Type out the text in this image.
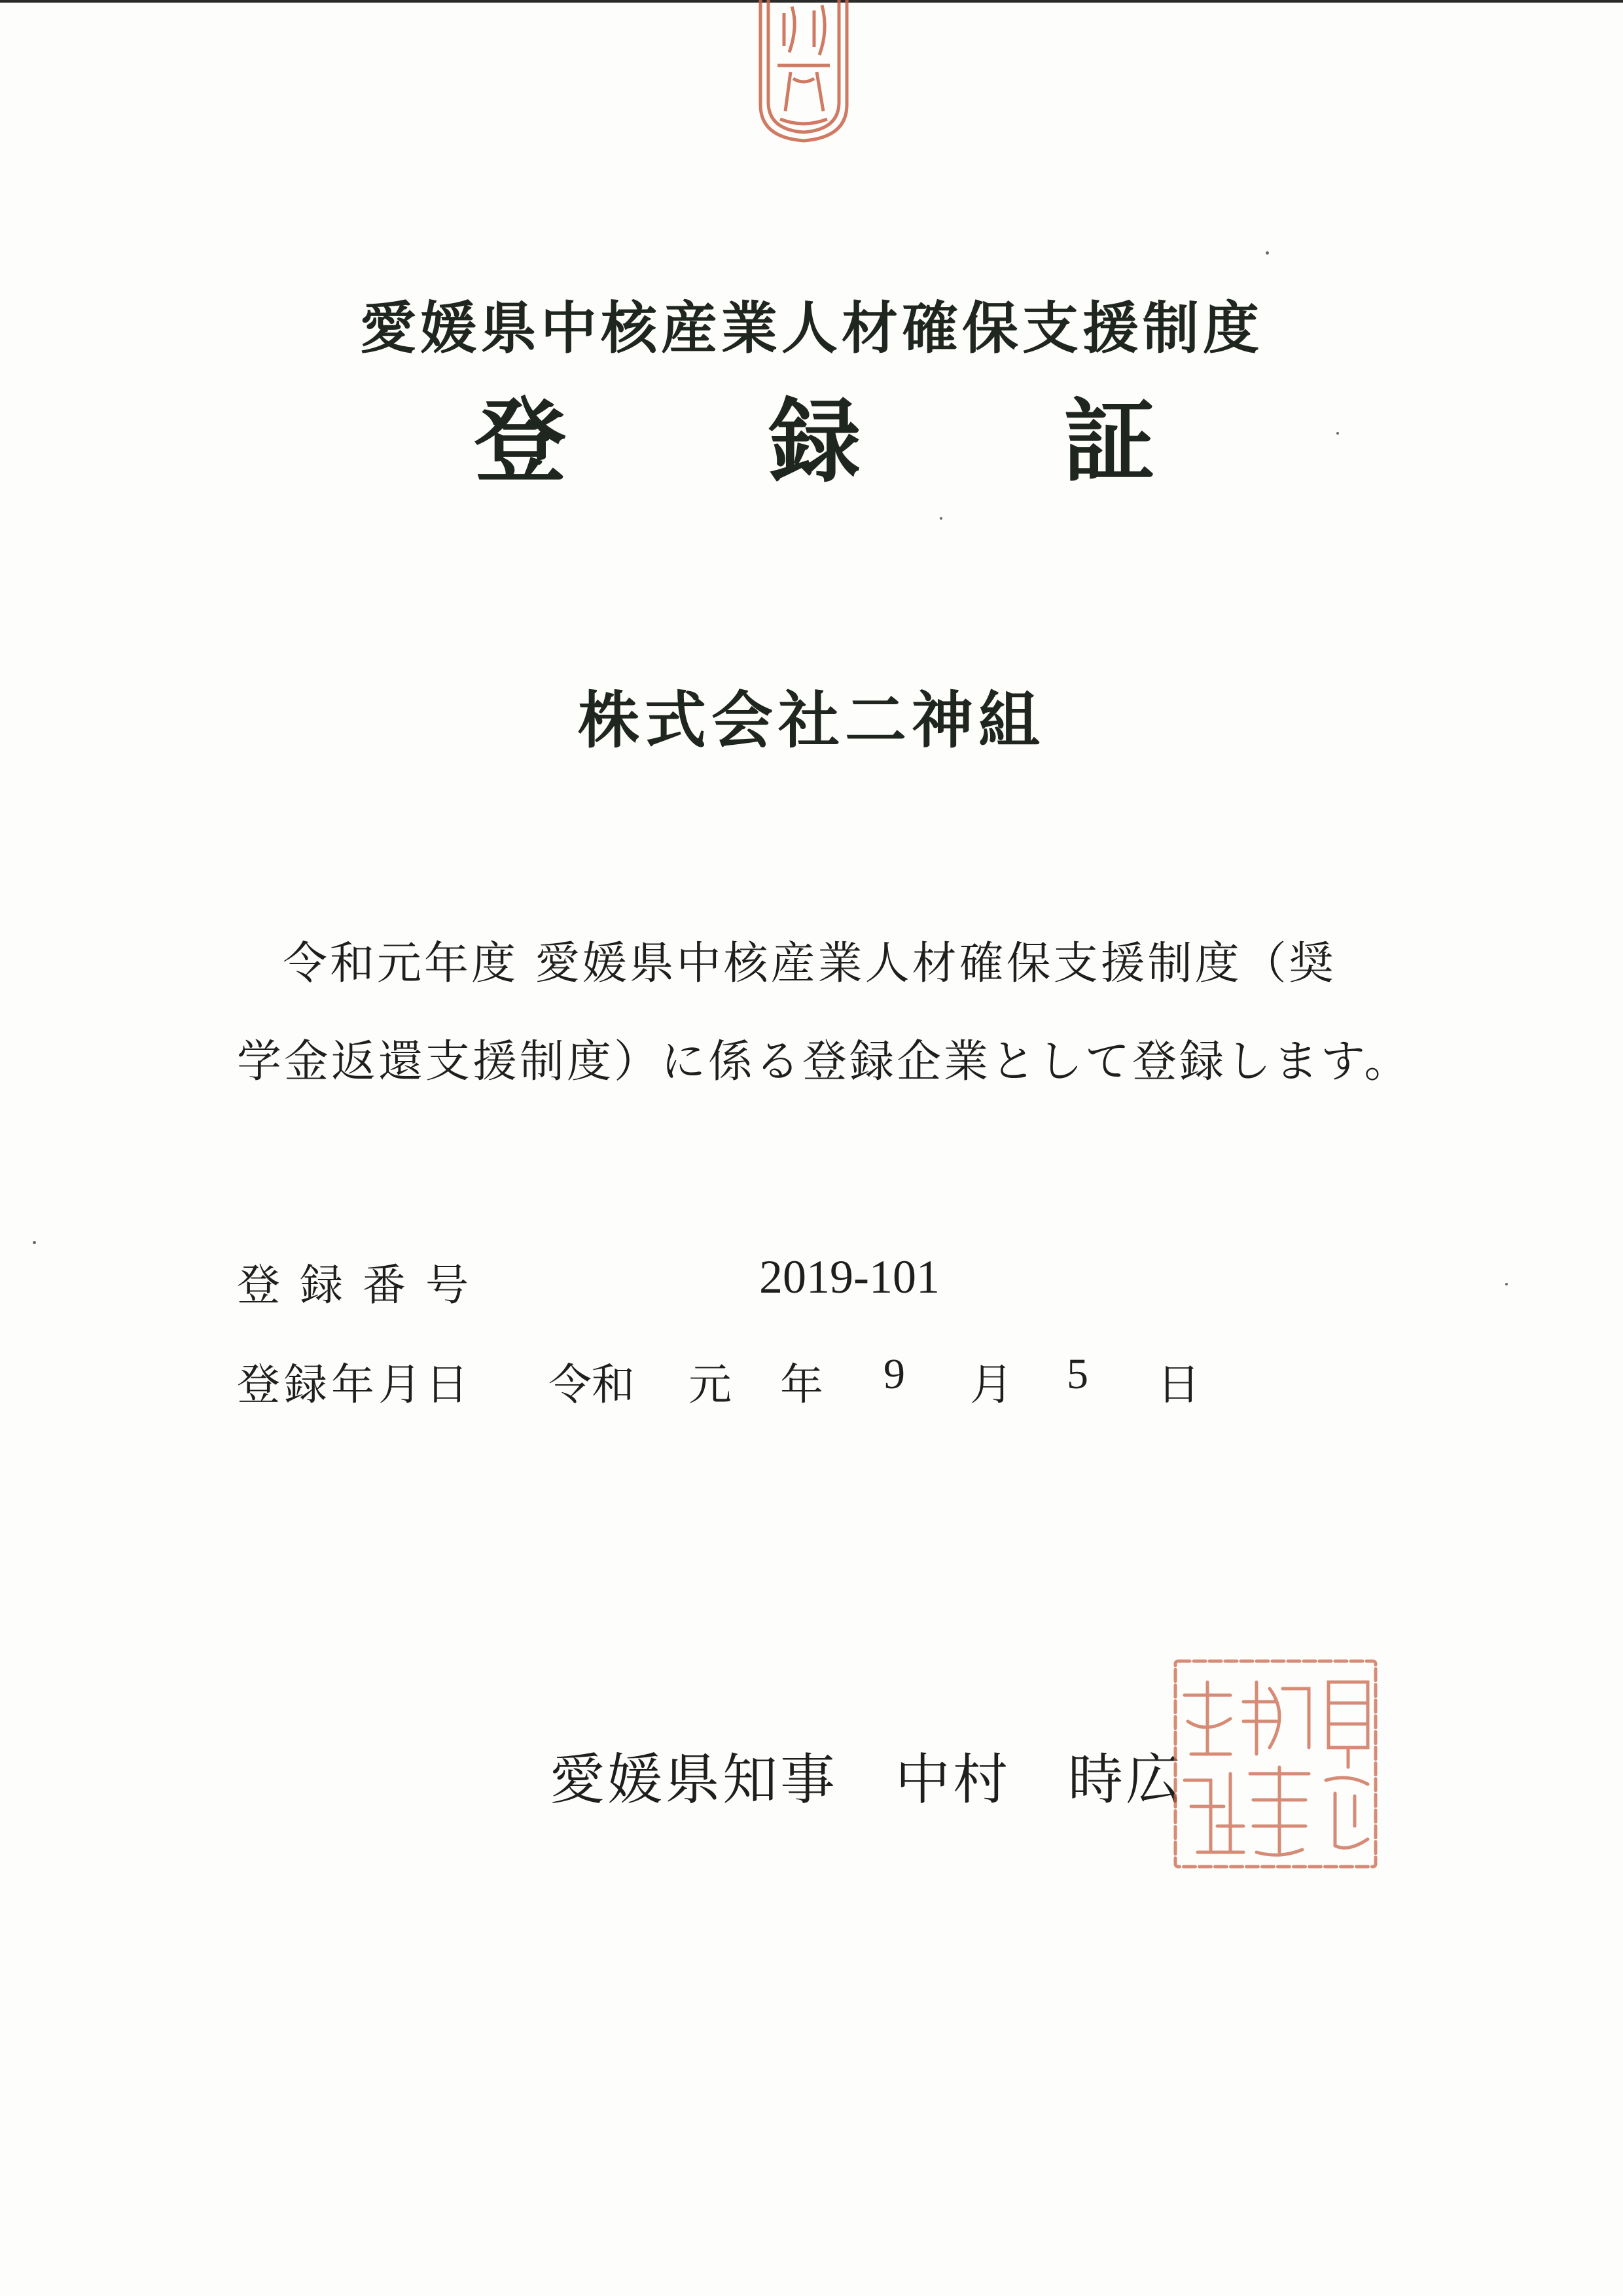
愛媛県中核産業人材確保支援制度
登 録 証
株式会社二神組
令和元年度 愛媛県中核産業人材確保支援制度（奨
学金返還支援制度）に係る登録企業として登録します。
登録番号	2019-101
登録年月日 令和 元 年 9 月 5 日
愛媛県知事　中村　時広
